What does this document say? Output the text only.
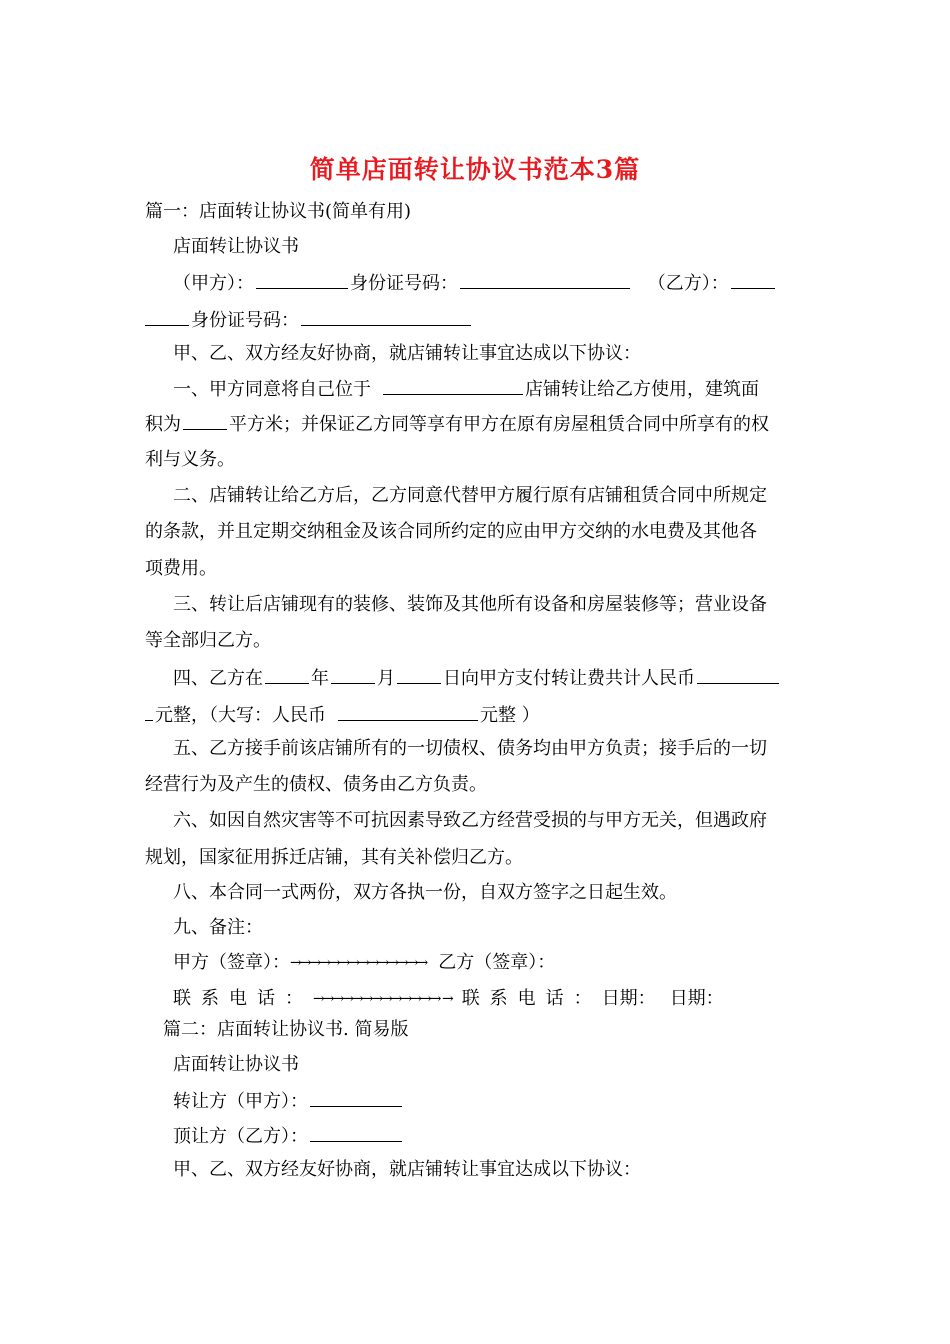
简单店面转让协议书范本3篇
篇一：店面转让协议书(简单有用)
店面转让协议书
（甲方）：	身份证号码：	（乙方）：
身份证号码：
甲、乙、双方经友好协商，就店铺转让事宜达成以下协议：
一、甲方同意将自己位于	店铺转让给乙方使用，建筑面
积为	平方米；并保证乙方同等享有甲方在原有房屋租赁合同中所享有的权
利与义务。
二、店铺转让给乙方后，乙方同意代替甲方履行原有店铺租赁合同中所规定
的条款，并且定期交纳租金及该合同所约定的应由甲方交纳的水电费及其他各
项费用。
三、转让后店铺现有的装修、装饰及其他所有设备和房屋装修等；营业设备
等全部归乙方。
四、乙方在	年	月	日向甲方支付转让费共计人民币
元整，（大写：人民币	元整 ）
五、乙方接手前该店铺所有的一切债权、债务均由甲方负责；接手后的一切
经营行为及产生的债权、债务由乙方负责。
六、如因自然灾害等不可抗因素导致乙方经营受损的与甲方无关，但遇政府
规划，国家征用拆迁店铺，其有关补偿归乙方。
八、本合同一式两份，双方各执一份，自双方签字之日起生效。
九、备注：
甲方（签章）：→→→→→→→→→→→→→→ 乙方（签章）：
联系电话：→→→→→→→→→→→→→ → 联系电话：日期： 日期：
篇二：店面转让协议书. 简易版
店面转让协议书
转让方（甲方）：
顶让方（乙方）：
甲、乙、双方经友好协商，就店铺转让事宜达成以下协议：
